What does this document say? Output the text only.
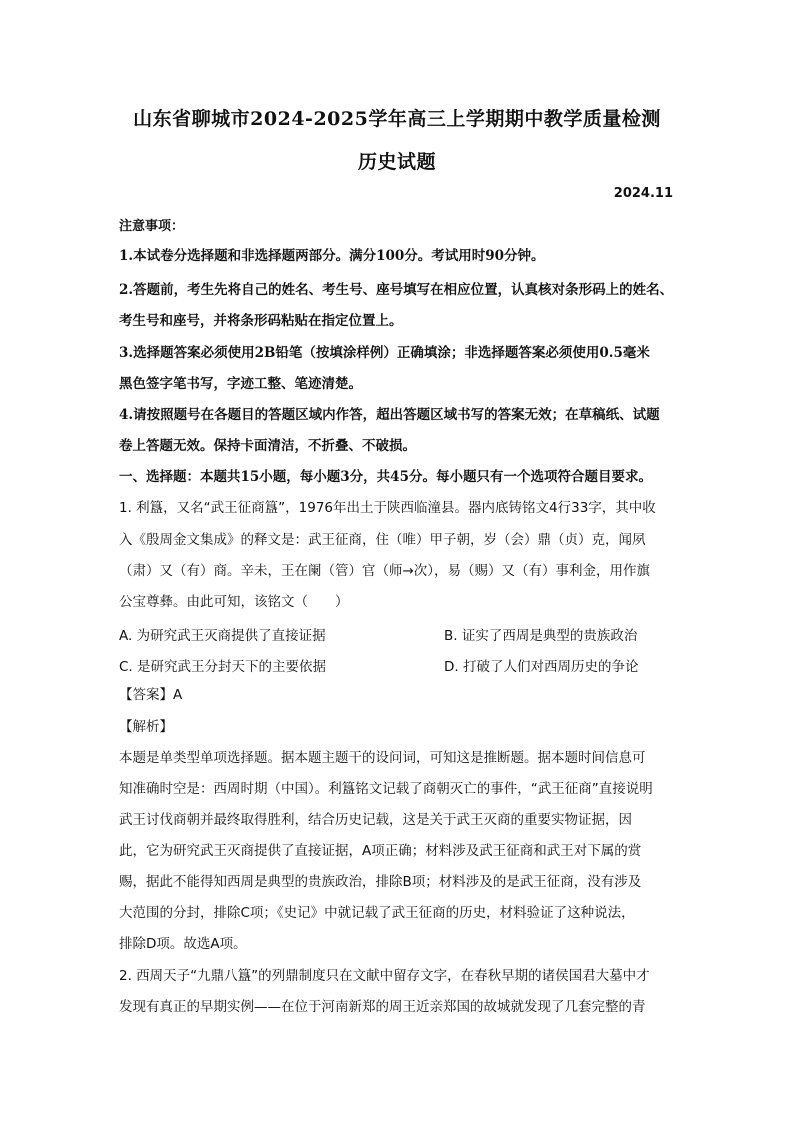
山东省聊城市2024-2025学年高三上学期期中教学质量检测
历史试题
2024.11
注意事项：
1.本试卷分选择题和非选择题两部分。满分100分。考试用时90分钟。
2.答题前，考生先将自己的姓名、考生号、座号填写在相应位置，认真核对条形码上的姓名、
考生号和座号，并将条形码粘贴在指定位置上。
3.选择题答案必须使用2B铅笔（按填涂样例）正确填涂；非选择题答案必须使用0.5毫米
黑色签字笔书写，字迹工整、笔迹清楚。
4.请按照题号在各题目的答题区域内作答，超出答题区域书写的答案无效；在草稿纸、试题
卷上答题无效。保持卡面清洁，不折叠、不破损。
一、选择题：本题共15小题，每小题3分，共45分。每小题只有一个选项符合题目要求。
1. 利簋，又名“武王征商簋”，1976年出土于陕西临潼县。器内底铸铭文4行33字，其中收
入《殷周金文集成》的释文是：武王征商，住（唯）甲子朝，岁（会）鼎（贞）克，闻夙
（肃）又（有）商。辛未，王在阑（管）官（师→次），易（赐）又（有）事利金，用作旗
公宝尊彝。由此可知，该铭文（　　）
A. 为研究武王灭商提供了直接证据	B. 证实了西周是典型的贵族政治
C. 是研究武王分封天下的主要依据	D. 打破了人们对西周历史的争论
【答案】A
【解析】
本题是单类型单项选择题。据本题主题干的设问词，可知这是推断题。据本题时间信息可
知准确时空是：西周时期（中国）。利簋铭文记载了商朝灭亡的事件，“武王征商”直接说明
武王讨伐商朝并最终取得胜利，结合历史记载，这是关于武王灭商的重要实物证据，因
此，它为研究武王灭商提供了直接证据，A项正确；材料涉及武王征商和武王对下属的赏
赐，据此不能得知西周是典型的贵族政治，排除B项；材料涉及的是武王征商，没有涉及
大范围的分封，排除C项；《史记》中就记载了武王征商的历史，材料验证了这种说法，
排除D项。故选A项。
2. 西周天子“九鼎八簋”的列鼎制度只在文献中留存文字，在春秋早期的诸侯国君大墓中才
发现有真正的早期实例——在位于河南新郑的周王近亲郑国的故城就发现了几套完整的青
